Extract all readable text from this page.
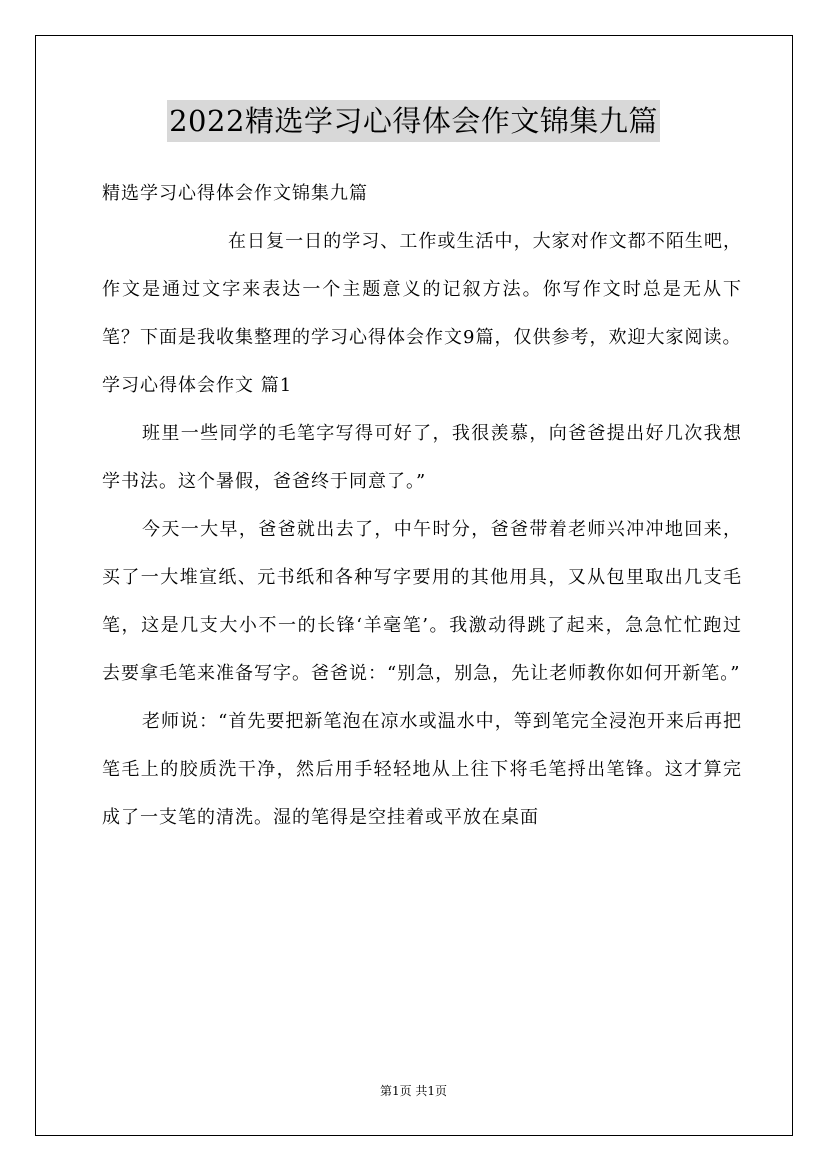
2022精选学习心得体会作文锦集九篇

精选学习心得体会作文锦集九篇

在日复一日的学习、工作或生活中，大家对作文都不陌生吧，作文是通过文字来表达一个主题意义的记叙方法。你写作文时总是无从下笔？下面是我收集整理的学习心得体会作文9篇，仅供参考，欢迎大家阅读。

学习心得体会作文 篇1

班里一些同学的毛笔字写得可好了，我很羡慕，向爸爸提出好几次我想学书法。这个暑假，爸爸终于同意了。”

今天一大早，爸爸就出去了，中午时分，爸爸带着老师兴冲冲地回来，买了一大堆宣纸、元书纸和各种写字要用的其他用具，又从包里取出几支毛笔，这是几支大小不一的长锋‘羊毫笔’。我激动得跳了起来，急急忙忙跑过去要拿毛笔来准备写字。爸爸说：“别急，别急，先让老师教你如何开新笔。”

老师说：“首先要把新笔泡在凉水或温水中，等到笔完全浸泡开来后再把笔毛上的胶质洗干净，然后用手轻轻地从上往下将毛笔捋出笔锋。这才算完成了一支笔的清洗。湿的笔得是空挂着或平放在桌面

第1页 共1页
